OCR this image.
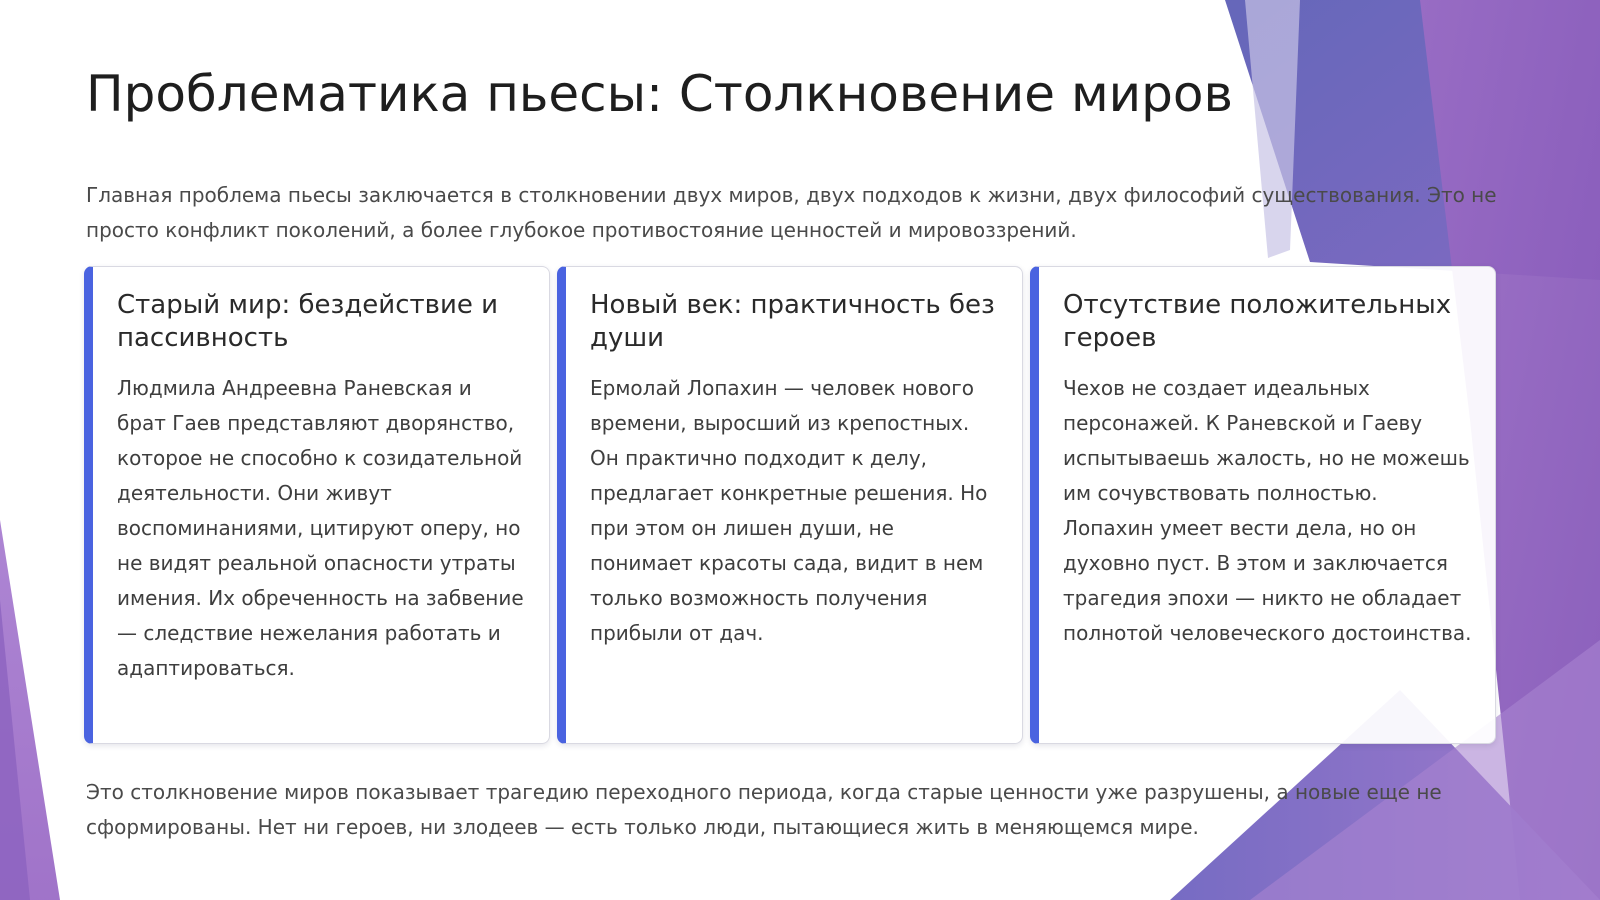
Проблематика пьесы: Столкновение миров

Главная проблема пьесы заключается в столкновении двух миров, двух подходов к жизни, двух философий существования. Это не просто конфликт поколений, а более глубокое противостояние ценностей и мировоззрений.

Старый мир: бездействие и пассивность

Людмила Андреевна Раневская и брат Гаев представляют дворянство, которое не способно к созидательной деятельности. Они живут воспоминаниями, цитируют оперу, но не видят реальной опасности утраты имения. Их обреченность на забвение — следствие нежелания работать и адаптироваться.

Новый век: практичность без души

Ермолай Лопахин — человек нового времени, выросший из крепостных. Он практично подходит к делу, предлагает конкретные решения. Но при этом он лишен души, не понимает красоты сада, видит в нем только возможность получения прибыли от дач.

Отсутствие положительных героев

Чехов не создает идеальных персонажей. К Раневской и Гаеву испытываешь жалость, но не можешь им сочувствовать полностью. Лопахин умеет вести дела, но он духовно пуст. В этом и заключается трагедия эпохи — никто не обладает полнотой человеческого достоинства.

Это столкновение миров показывает трагедию переходного периода, когда старые ценности уже разрушены, а новые еще не сформированы. Нет ни героев, ни злодеев — есть только люди, пытающиеся жить в меняющемся мире.
